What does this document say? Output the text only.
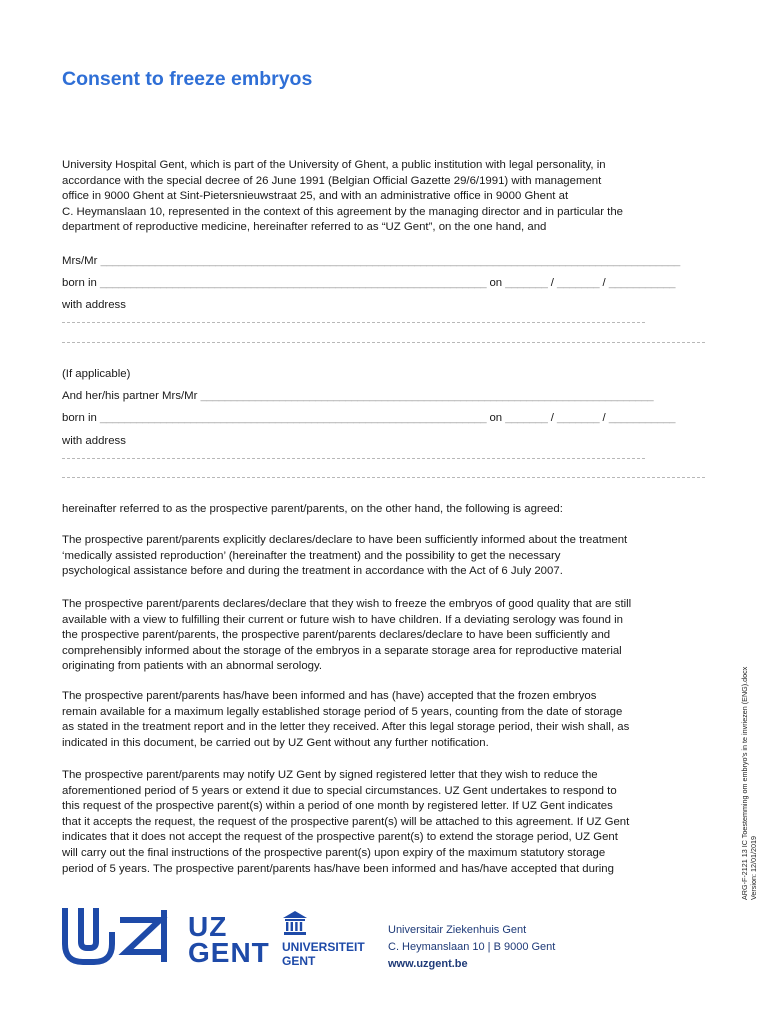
Consent to freeze embryos
University Hospital Gent, which is part of the University of Ghent, a public institution with legal personality, in
accordance with the special decree of 26 June 1991 (Belgian Official Gazette 29/6/1991) with management
office in 9000 Ghent at Sint-Pietersnieuwstraat 25, and with an administrative office in 9000 Ghent at
C. Heymanslaan 10, represented in the context of this agreement by the managing director and in particular the
department of reproductive medicine, hereinafter referred to as “UZ Gent”, on the one hand, and
Mrs/Mr ________________________________________________________________________________________________
born in ________________________________________________________________ on _______ / _______ / ___________
with address
(If applicable)
And her/his partner Mrs/Mr ___________________________________________________________________________
born in ________________________________________________________________ on _______ / _______ / ___________
with address
hereinafter referred to as the prospective parent/parents, on the other hand, the following is agreed:
The prospective parent/parents explicitly declares/declare to have been sufficiently informed about the treatment
‘medically assisted reproduction’ (hereinafter the treatment) and the possibility to get the necessary
psychological assistance before and during the treatment in accordance with the Act of 6 July 2007.
The prospective parent/parents declares/declare that they wish to freeze the embryos of good quality that are still
available with a view to fulfilling their current or future wish to have children. If a deviating serology was found in
the prospective parent/parents, the prospective parent/parents declares/declare to have been sufficiently and
comprehensibly informed about the storage of the embryos in a separate storage area for reproductive material
originating from patients with an abnormal serology.
The prospective parent/parents has/have been informed and has (have) accepted that the frozen embryos
remain available for a maximum legally established storage period of 5 years, counting from the date of storage
as stated in the treatment report and in the letter they received. After this legal storage period, their wish shall, as
indicated in this document, be carried out by UZ Gent without any further notification.
The prospective parent/parents may notify UZ Gent by signed registered letter that they wish to reduce the
aforementioned period of 5 years or extend it due to special circumstances. UZ Gent undertakes to respond to
this request of the prospective parent(s) within a period of one month by registered letter. If UZ Gent indicates
that it accepts the request, the request of the prospective parent(s) will be attached to this agreement. If UZ Gent
indicates that it does not accept the request of the prospective parent(s) to extend the storage period, UZ Gent
will carry out the final instructions of the prospective parent(s) upon expiry of the maximum statutory storage
period of 5 years. The prospective parent/parents has/have been informed and has/have accepted that during	ARG-F-2121 13 IC Toestemming om embryo's in te invriezen (ENG).docx Version: 12/01/2019
UZ
GENT UNIVERSITEIT
GENT
Universitair Ziekenhuis Gent
C. Heymanslaan 10 | B 9000 Gent
www.uzgent.be
